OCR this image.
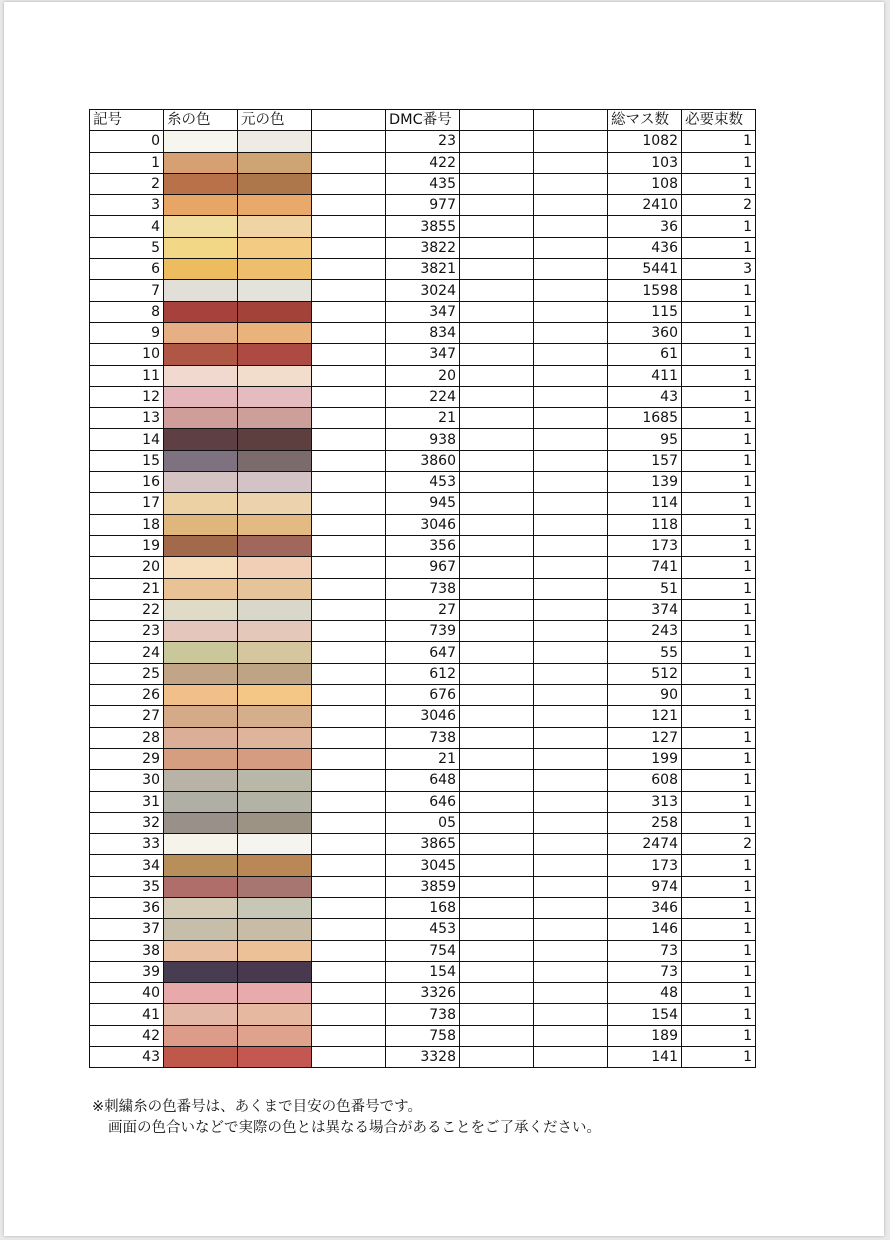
記号	糸の色	元の色		DMC番号			総マス数	必要束数
0				23			1082	1
1				422			103	1
2				435			108	1
3				977			2410	2
4				3855			36	1
5				3822			436	1
6				3821			5441	3
7				3024			1598	1
8				347			115	1
9				834			360	1
10				347			61	1
11				20			411	1
12				224			43	1
13				21			1685	1
14				938			95	1
15				3860			157	1
16				453			139	1
17				945			114	1
18				3046			118	1
19				356			173	1
20				967			741	1
21				738			51	1
22				27			374	1
23				739			243	1
24				647			55	1
25				612			512	1
26				676			90	1
27				3046			121	1
28				738			127	1
29				21			199	1
30				648			608	1
31				646			313	1
32				05			258	1
33				3865			2474	2
34				3045			173	1
35				3859			974	1
36				168			346	1
37				453			146	1
38				754			73	1
39				154			73	1
40				3326			48	1
41				738			154	1
42				758			189	1
43				3328			141	1
※刺繍糸の色番号は、あくまで目安の色番号です。
画面の色合いなどで実際の色とは異なる場合があることをご了承ください。
